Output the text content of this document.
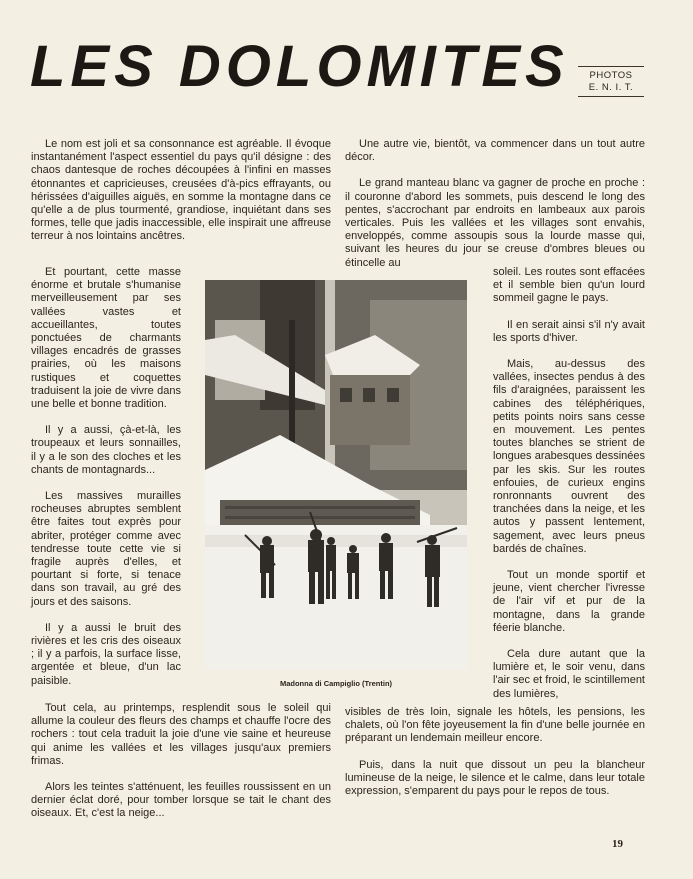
LES DOLOMITES	PHOTOS
E. N. I. T.

Le nom est joli et sa consonnance est agréable. Il évoque instantanément l'aspect essentiel du pays qu'il désigne : des chaos dantesque de roches découpées à l'infini en masses étonnantes et capricieuses, creusées d'à-pics effrayants, ou hérissées d'aiguilles aiguës, en somme la montagne dans ce qu'elle a de plus tourmenté, grandiose, inquiétant dans ses formes, telle que jadis inaccessible, elle inspirait une affreuse terreur à nos lointains ancêtres.

Et pourtant, cette masse énorme et brutale s'humanise merveilleusement par ses vallées vastes et accueillantes, toutes ponctuées de charmants villages encadrés de grasses prairies, où les maisons rustiques et coquettes traduisent la joie de vivre dans une belle et bonne tradition.

Il y a aussi, çà-et-là, les troupeaux et leurs sonnailles, il y a le son des cloches et les chants de montagnards...

Les massives murailles rocheuses abruptes semblent être faites tout exprès pour abriter, protéger comme avec tendresse toute cette vie si fragile auprès d'elles, et pourtant si forte, si tenace dans son travail, au gré des jours et des saisons.

Il y a aussi le bruit des rivières et les cris des oiseaux ; il y a parfois, la surface lisse, argentée et bleue, d'un lac paisible.

Tout cela, au printemps, resplendit sous le soleil qui allume la couleur des fleurs des champs et chauffe l'ocre des rochers : tout cela traduit la joie d'une vie saine et heureuse qui anime les vallées et les villages jusqu'aux premiers frimas.

Alors les teintes s'atténuent, les feuilles roussissent en un dernier éclat doré, pour tomber lorsque se tait le chant des oiseaux. Et, c'est la neige...

Une autre vie, bientôt, va commencer dans un tout autre décor.

Le grand manteau blanc va gagner de proche en proche : il couronne d'abord les sommets, puis descend le long des pentes, s'accrochant par endroits en lambeaux aux parois verticales. Puis les vallées et les villages sont envahis, enveloppés, comme assoupis sous la lourde masse qui, suivant les heures du jour se creuse d'ombres bleues ou étincelle au

soleil. Les routes sont effacées et il semble bien qu'un lourd sommeil gagne le pays.

Il en serait ainsi s'il n'y avait les sports d'hiver.

Mais, au-dessus des vallées, insectes pendus à des fils d'araignées, paraissent les cabines des téléphériques, petits points noirs sans cesse en mouvement. Les pentes toutes blanches se strient de longues arabesques dessinées par les skis. Sur les routes enfouies, de curieux engins ronronnants ouvrent des tranchées dans la neige, et les autos y passent lentement, sagement, avec leurs pneus bardés de chaînes.

Tout un monde sportif et jeune, vient chercher l'ivresse de l'air vif et pur de la montagne, dans la grande féerie blanche.

Cela dure autant que la lumière et, le soir venu, dans l'air sec et froid, le scintillement des lumières,

visibles de très loin, signale les hôtels, les pensions, les chalets, où l'on fête joyeusement la fin d'une belle journée en préparant un lendemain meilleur encore.

Puis, dans la nuit que dissout un peu la blancheur lumineuse de la neige, le silence et le calme, dans leur totale expression, s'emparent du pays pour le repos de tous.

Madonna di Campiglio (Trentin)

19
